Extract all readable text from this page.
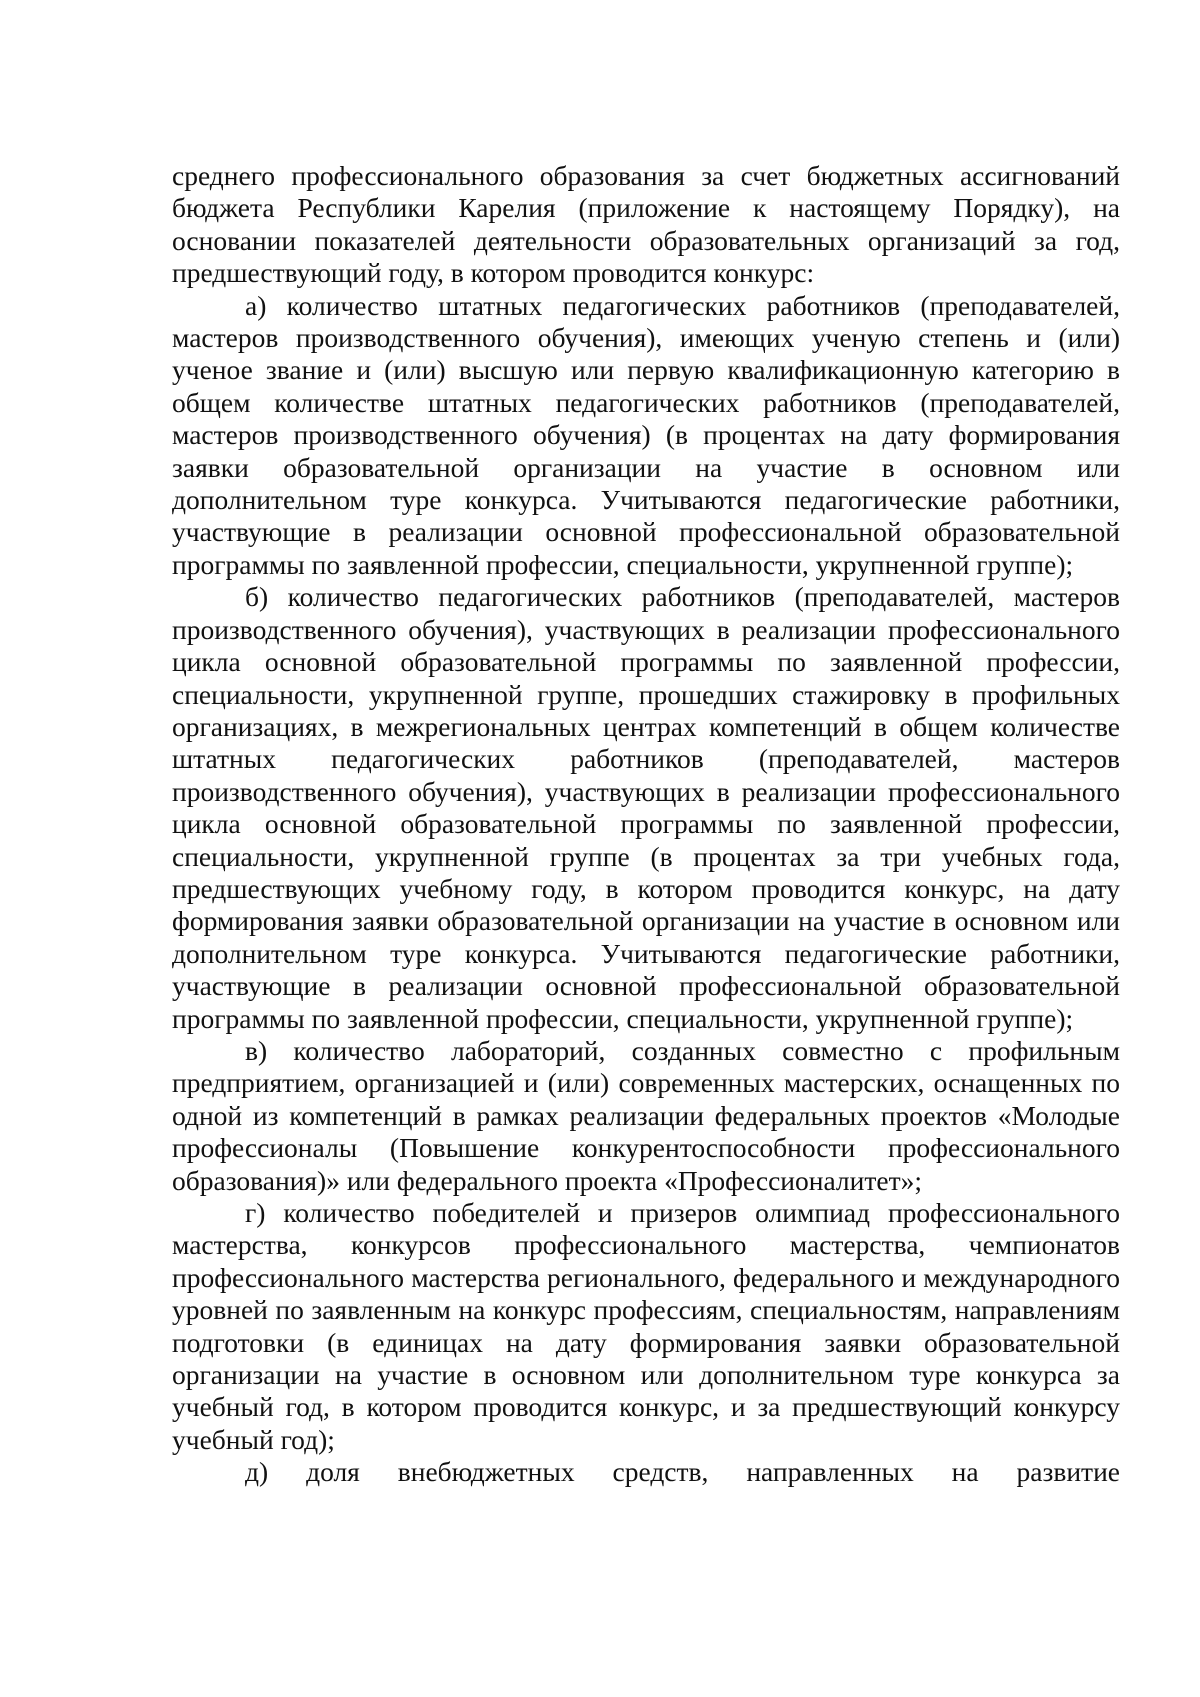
среднего профессионального образования за счет бюджетных ассигнований бюджета Республики Карелия (приложение к настоящему Порядку), на основании показателей деятельности образовательных организаций за год, предшествующий году, в котором проводится конкурс:

а) количество штатных педагогических работников (преподавателей, мастеров производственного обучения), имеющих ученую степень и (или) ученое звание и (или) высшую или первую квалификационную категорию в общем количестве штатных педагогических работников (преподавателей, мастеров производственного обучения) (в процентах на дату формирования заявки образовательной организации на участие в основном или дополнительном туре конкурса. Учитываются педагогические работники, участвующие в реализации основной профессиональной образовательной программы по заявленной профессии, специальности, укрупненной группе);

б) количество педагогических работников (преподавателей, мастеров производственного обучения), участвующих в реализации профессионального цикла основной образовательной программы по заявленной профессии, специальности, укрупненной группе, прошедших стажировку в профильных организациях, в межрегиональных центрах компетенций в общем количестве штатных педагогических работников (преподавателей, мастеров производственного обучения), участвующих в реализации профессионального цикла основной образовательной программы по заявленной профессии, специальности, укрупненной группе (в процентах за три учебных года, предшествующих учебному году, в котором проводится конкурс, на дату формирования заявки образовательной организации на участие в основном или дополнительном туре конкурса. Учитываются педагогические работники, участвующие в реализации основной профессиональной образовательной программы по заявленной профессии, специальности, укрупненной группе);

в) количество лабораторий, созданных совместно с профильным предприятием, организацией и (или) современных мастерских, оснащенных по одной из компетенций в рамках реализации федеральных проектов «Молодые профессионалы (Повышение конкурентоспособности профессионального образования)» или федерального проекта «Профессионалитет»;

г) количество победителей и призеров олимпиад профессионального мастерства, конкурсов профессионального мастерства, чемпионатов профессионального мастерства регионального, федерального и международного уровней по заявленным на конкурс профессиям, специальностям, направлениям подготовки (в единицах на дату формирования заявки образовательной организации на участие в основном или дополнительном туре конкурса за учебный год, в котором проводится конкурс, и за предшествующий конкурсу учебный год);

д) доля внебюджетных средств, направленных на развитие
